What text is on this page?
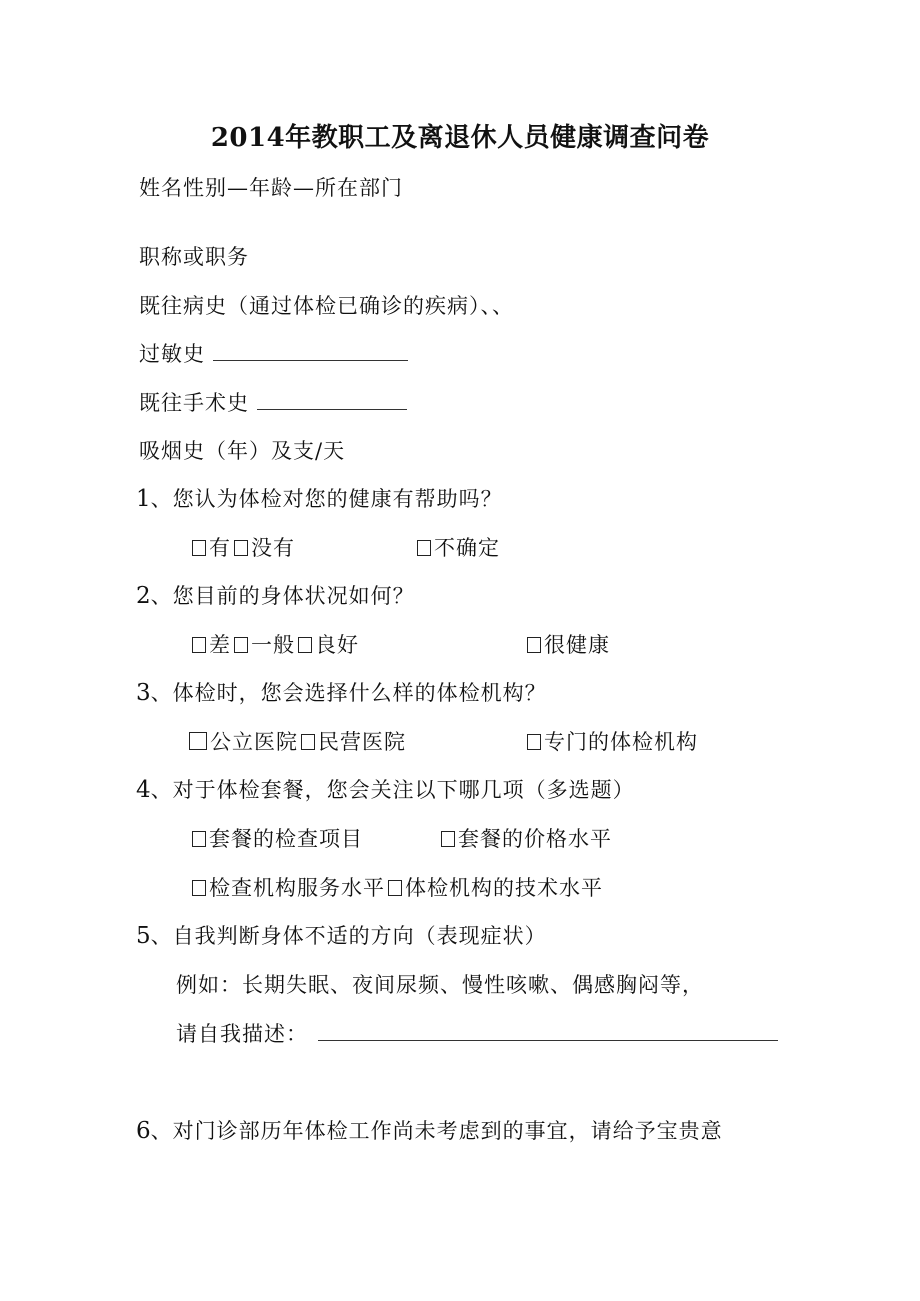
2014年教职工及离退休人员健康调查问卷
姓名性别—年龄—所在部门
职称或职务
既往病史（通过体检已确诊的疾病）、、
过敏史
既往手术史
吸烟史（年）及支/天
1、您认为体检对您的健康有帮助吗？
有 没有	不确定
2、您目前的身体状况如何？
差 一般 良好	很健康
3、体检时，您会选择什么样的体检机构？
公立医院 民营医院	专门的体检机构
4、对于体检套餐，您会关注以下哪几项（多选题）
套餐的检查项目	套餐的价格水平
检查机构服务水平 体检机构的技术水平
5、自我判断身体不适的方向（表现症状）
例如：长期失眠、夜间尿频、慢性咳嗽、偶感胸闷等，
请自我描述：
6、对门诊部历年体检工作尚未考虑到的事宜，请给予宝贵意
